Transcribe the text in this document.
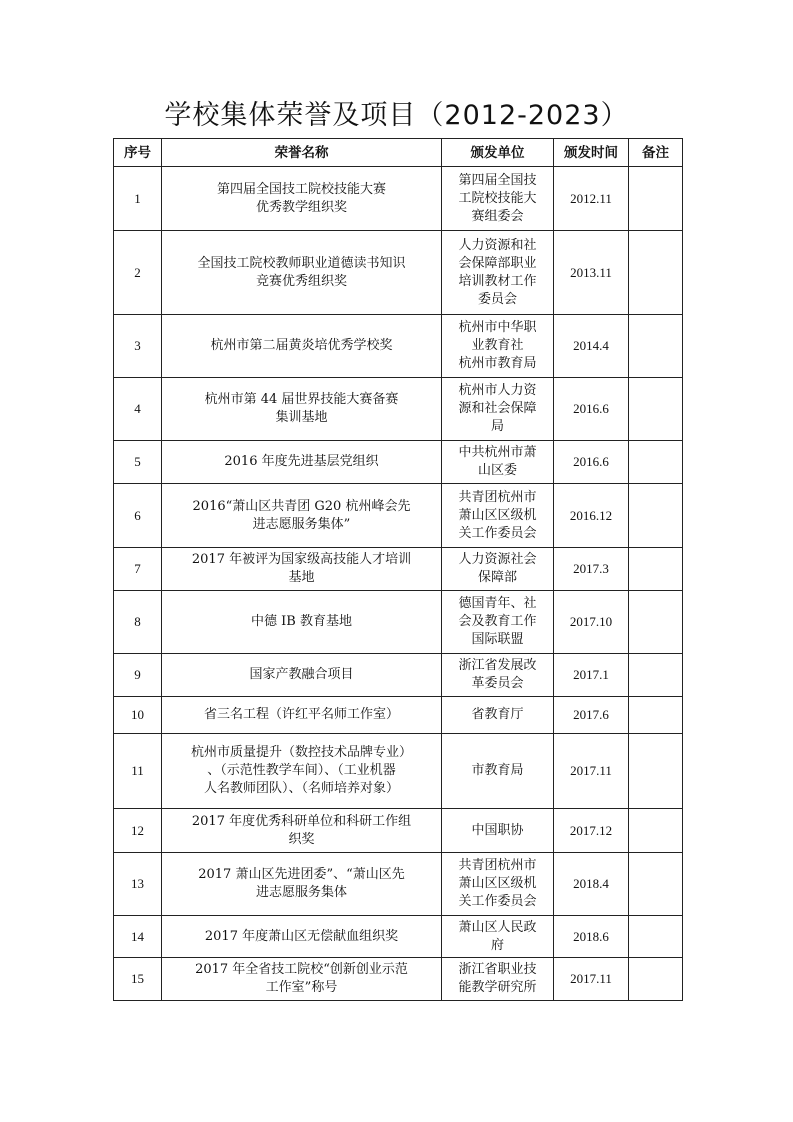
学校集体荣誉及项目（2012-2023）
序号	荣誉名称	颁发单位	颁发时间	备注
1	第四届全国技工院校技能大赛
优秀教学组织奖	第四届全国技
工院校技能大
赛组委会	2012.11	
2	全国技工院校教师职业道德读书知识
竞赛优秀组织奖	人力资源和社
会保障部职业
培训教材工作
委员会	2013.11	
3	杭州市第二届黄炎培优秀学校奖	杭州市中华职
业教育社
杭州市教育局	2014.4	
4	杭州市第 44 届世界技能大赛备赛
集训基地	杭州市人力资
源和社会保障
局	2016.6	
5	2016 年度先进基层党组织	中共杭州市萧
山区委	2016.6	
6	2016“萧山区共青团 G20 杭州峰会先
进志愿服务集体”	共青团杭州市
萧山区区级机
关工作委员会	2016.12	
7	2017 年被评为国家级高技能人才培训
基地	人力资源社会
保障部	2017.3	
8	中德 IB 教育基地	德国青年、社
会及教育工作
国际联盟	2017.10	
9	国家产教融合项目	浙江省发展改
革委员会	2017.1	
10	省三名工程（许红平名师工作室）	省教育厅	2017.6	
11	杭州市质量提升（数控技术品牌专业）
、（示范性教学车间）、（工业机器
人名教师团队）、（名师培养对象）	市教育局	2017.11	
12	2017 年度优秀科研单位和科研工作组
织奖	中国职协	2017.12	
13	2017 萧山区先进团委”、“萧山区先
进志愿服务集体	共青团杭州市
萧山区区级机
关工作委员会	2018.4	
14	2017 年度萧山区无偿献血组织奖	萧山区人民政
府	2018.6	
15	2017 年全省技工院校“创新创业示范
工作室”称号	浙江省职业技
能教学研究所	2017.11	
